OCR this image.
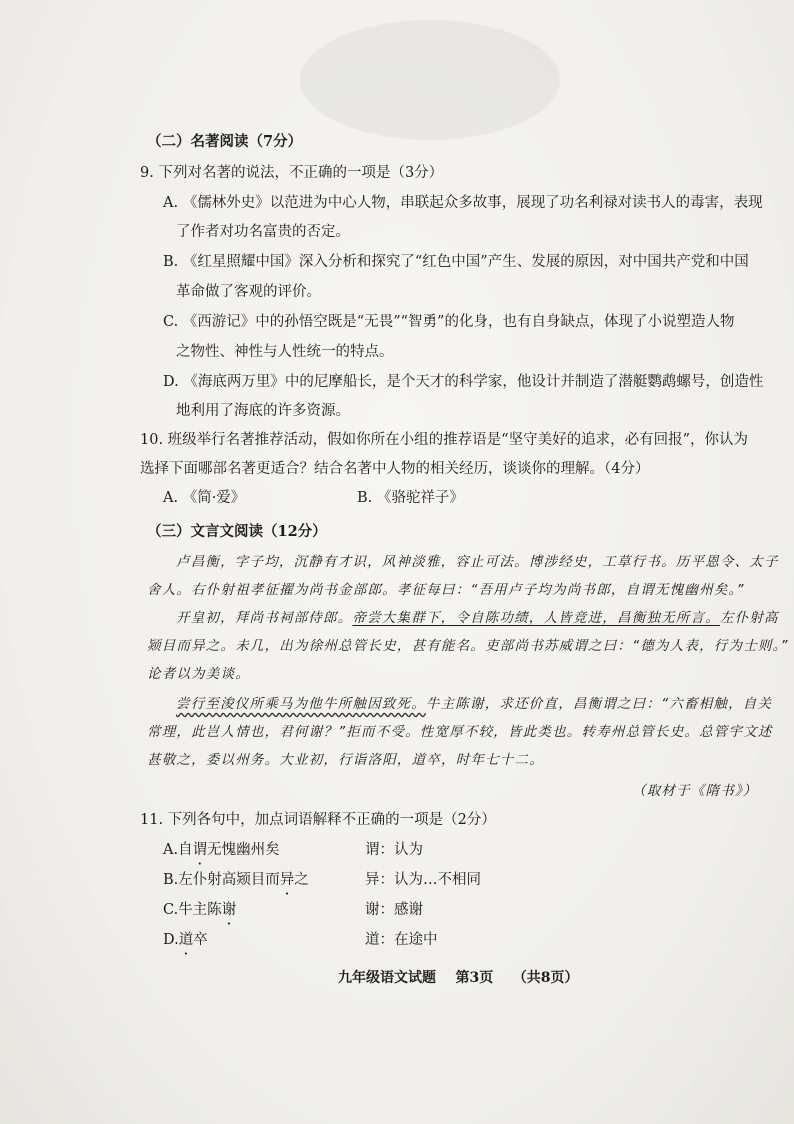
（二）名著阅读（7分）
9. 下列对名著的说法，不正确的一项是（3分）
A. 《儒林外史》以范进为中心人物，串联起众多故事，展现了功名利禄对读书人的毒害，表现
了作者对功名富贵的否定。
B. 《红星照耀中国》深入分析和探究了“红色中国”产生、发展的原因，对中国共产党和中国
革命做了客观的评价。
C. 《西游记》中的孙悟空既是“无畏”“智勇”的化身，也有自身缺点，体现了小说塑造人物
之物性、神性与人性统一的特点。
D. 《海底两万里》中的尼摩船长，是个天才的科学家，他设计并制造了潜艇鹦鹉螺号，创造性
地利用了海底的许多资源。
10. 班级举行名著推荐活动，假如你所在小组的推荐语是“坚守美好的追求，必有回报”，你认为
选择下面哪部名著更适合？结合名著中人物的相关经历，谈谈你的理解。（4分）
A. 《简·爱》	B. 《骆驼祥子》
（三）文言文阅读（12分）
卢昌衡，字子均，沉静有才识，风神淡雅，容止可法。博涉经史，工草行书。历平恩令、太子
舍人。右仆射祖孝征擢为尚书金部郎。孝征每曰：“吾用卢子均为尚书郎，自谓无愧幽州矣。”
开皇初，拜尚书祠部侍郎。帝尝大集群下，令自陈功绩，人皆竞进，昌衡独无所言。左仆射高
颎目而异之。未几，出为徐州总管长史，甚有能名。吏部尚书苏威谓之曰：“德为人表，行为士则。”
论者以为美谈。
尝行至浚仪所乘马为他牛所触因致死。牛主陈谢，求还价直，昌衡谓之曰：“六畜相触，自关
常理，此岂人情也，君何谢？”拒而不受。性宽厚不较，皆此类也。转寿州总管长史。总管宇文述
甚敬之，委以州务。大业初，行诣洛阳，道卒，时年七十二。
（取材于《隋书》）
11. 下列各句中，加点词语解释不正确的一项是（2分）
A.自谓无愧幽州矣	谓：认为
B.左仆射高颎目而异之	异：认为…不相同
C.牛主陈谢	谢：感谢
D.道卒	道：在途中
九年级语文试题 第3页 （共8页）
